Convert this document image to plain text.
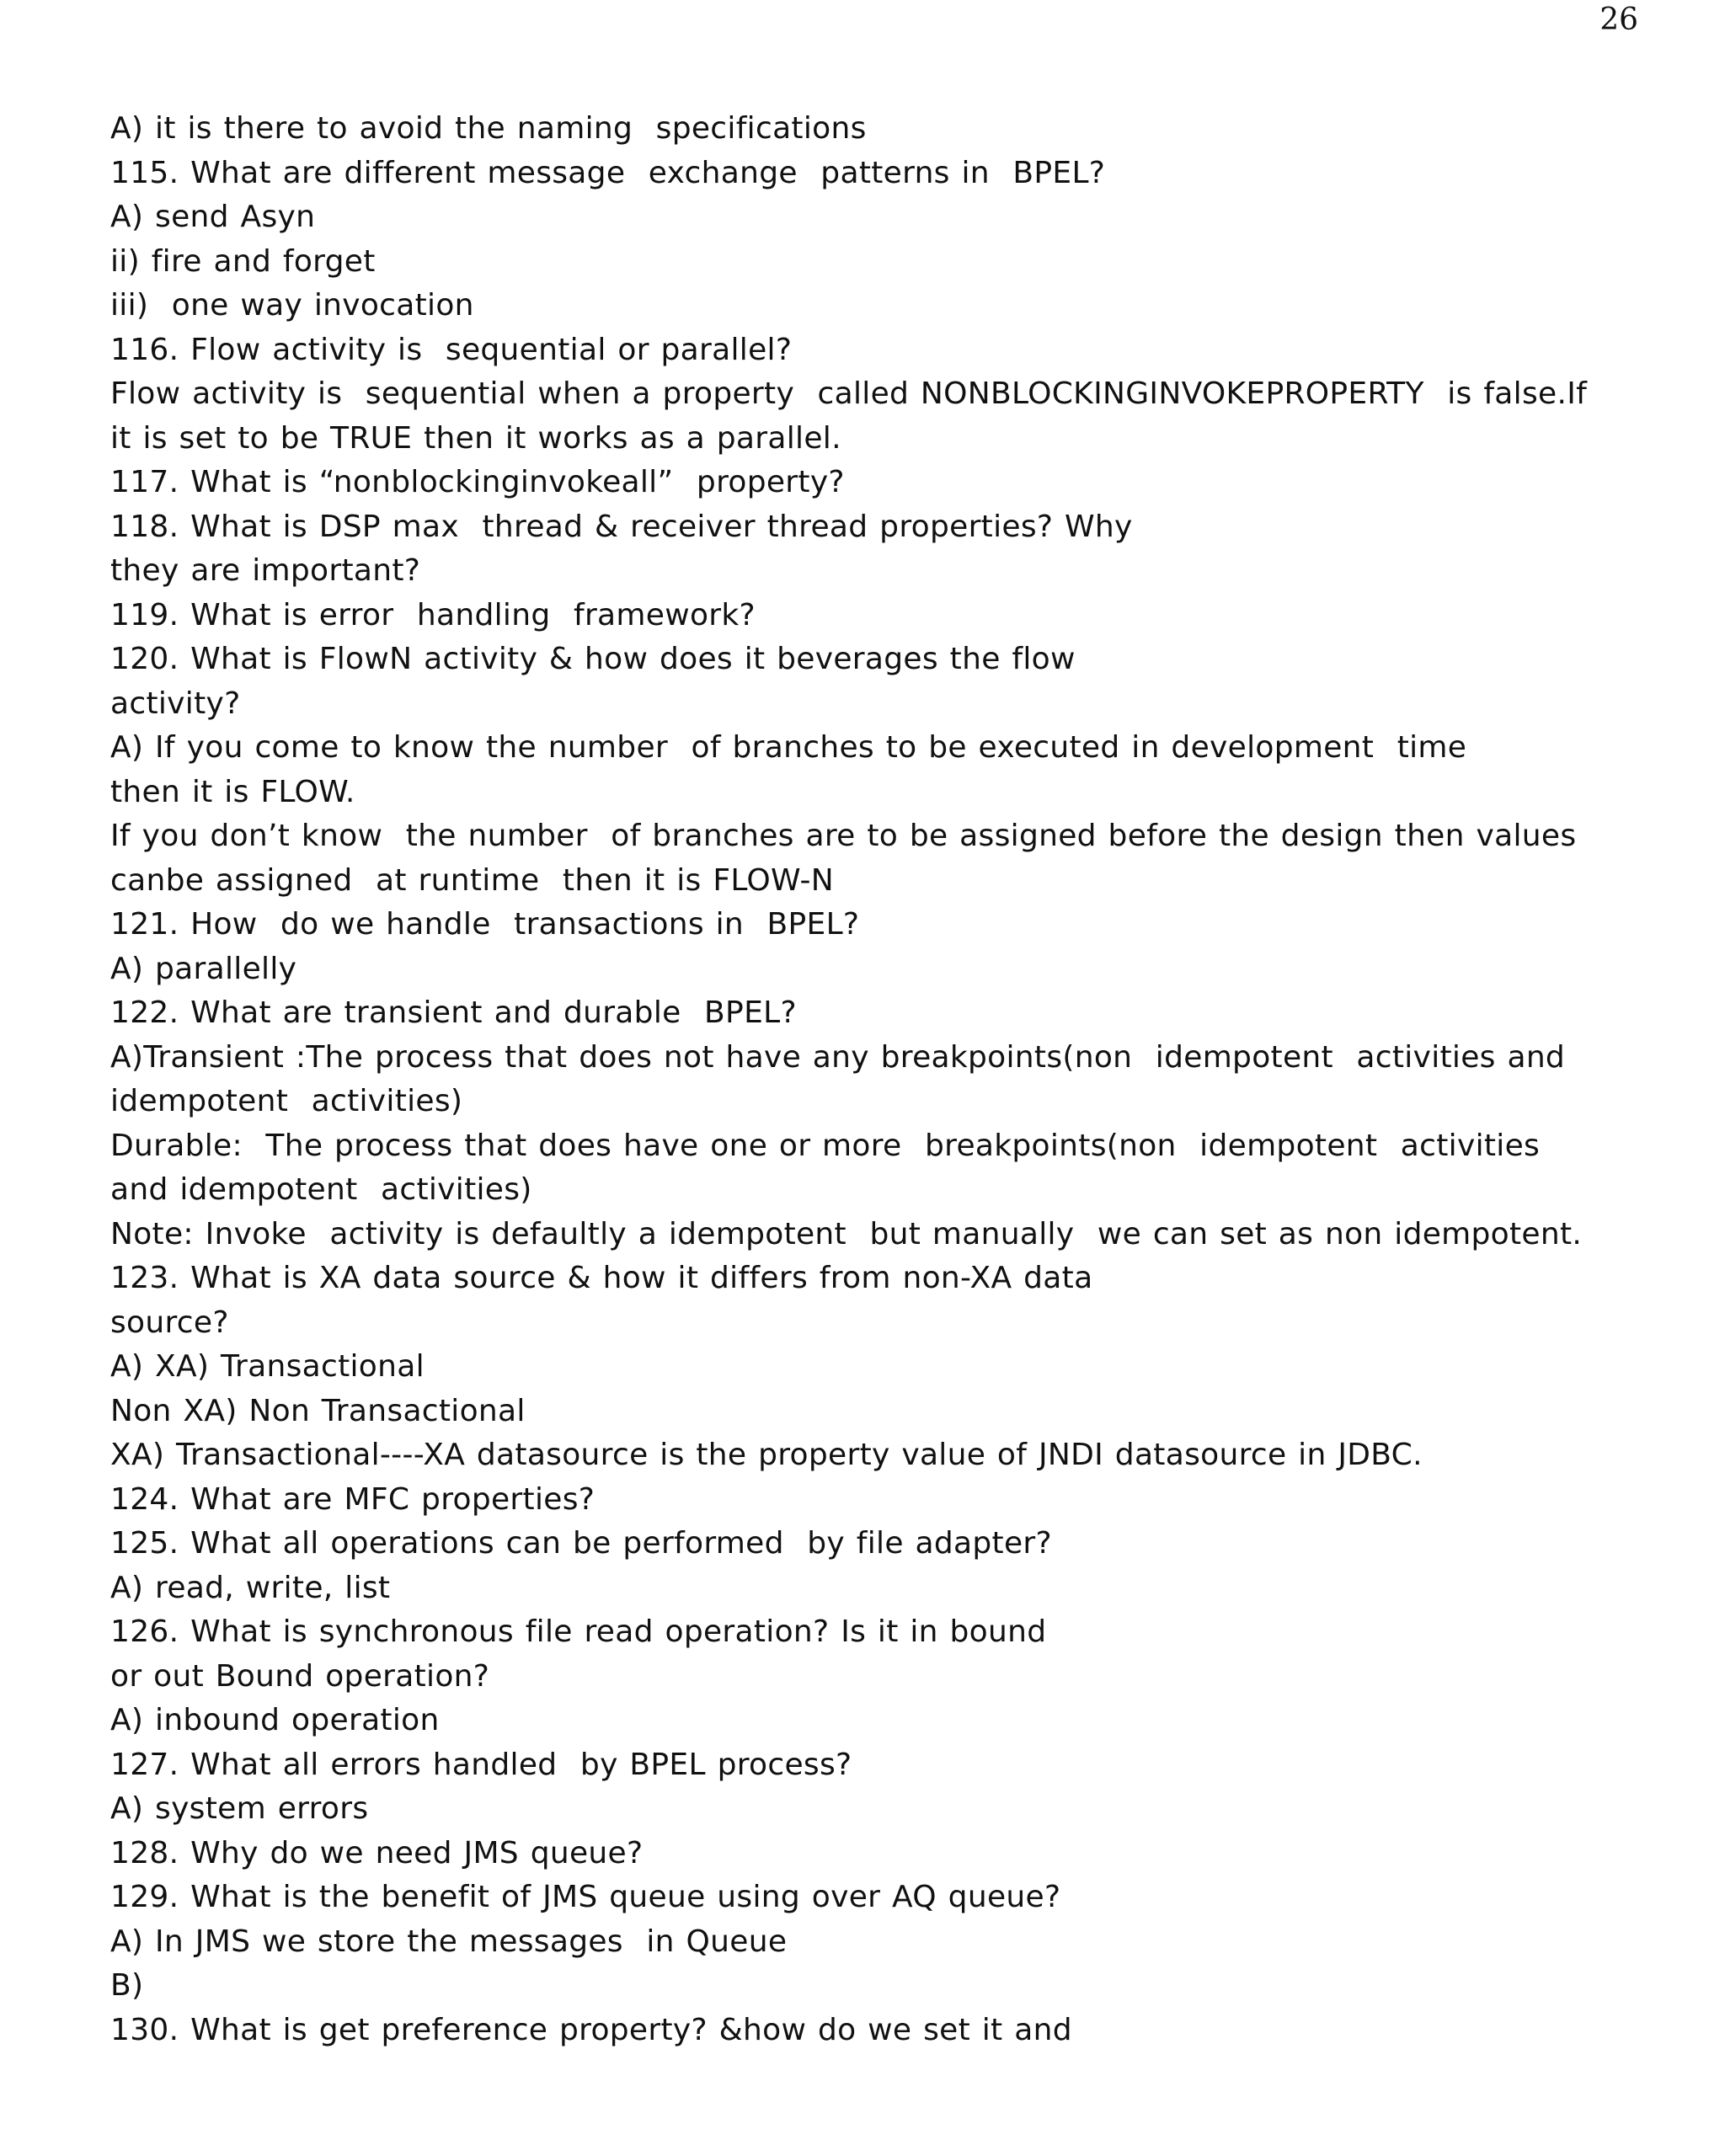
26
A) it is there to avoid the naming  specifications
115. What are different message  exchange  patterns in  BPEL?
A) send Asyn
ii) fire and forget
iii)  one way invocation
116. Flow activity is  sequential or parallel?
Flow activity is  sequential when a property  called NONBLOCKINGINVOKEPROPERTY  is false.If
it is set to be TRUE then it works as a parallel.
117. What is “nonblockinginvokeall”  property?
118. What is DSP max  thread & receiver thread properties? Why
they are important?
119. What is error  handling  framework?
120. What is FlowN activity & how does it beverages the flow
activity?
A) If you come to know the number  of branches to be executed in development  time
then it is FLOW.
If you don’t know  the number  of branches are to be assigned before the design then values
canbe assigned  at runtime  then it is FLOW-N
121. How  do we handle  transactions in  BPEL?
A) parallelly
122. What are transient and durable  BPEL?
A)Transient :The process that does not have any breakpoints(non  idempotent  activities and
idempotent  activities)
Durable:  The process that does have one or more  breakpoints(non  idempotent  activities
and idempotent  activities)
Note: Invoke  activity is defaultly a idempotent  but manually  we can set as non idempotent.
123. What is XA data source & how it differs from non-XA data
source?
A) XA) Transactional
Non XA) Non Transactional
XA) Transactional----XA datasource is the property value of JNDI datasource in JDBC.
124. What are MFC properties?
125. What all operations can be performed  by file adapter?
A) read, write, list
126. What is synchronous file read operation? Is it in bound
or out Bound operation?
A) inbound operation
127. What all errors handled  by BPEL process?
A) system errors
128. Why do we need JMS queue?
129. What is the benefit of JMS queue using over AQ queue?
A) In JMS we store the messages  in Queue
B)
130. What is get preference property? &how do we set it and
